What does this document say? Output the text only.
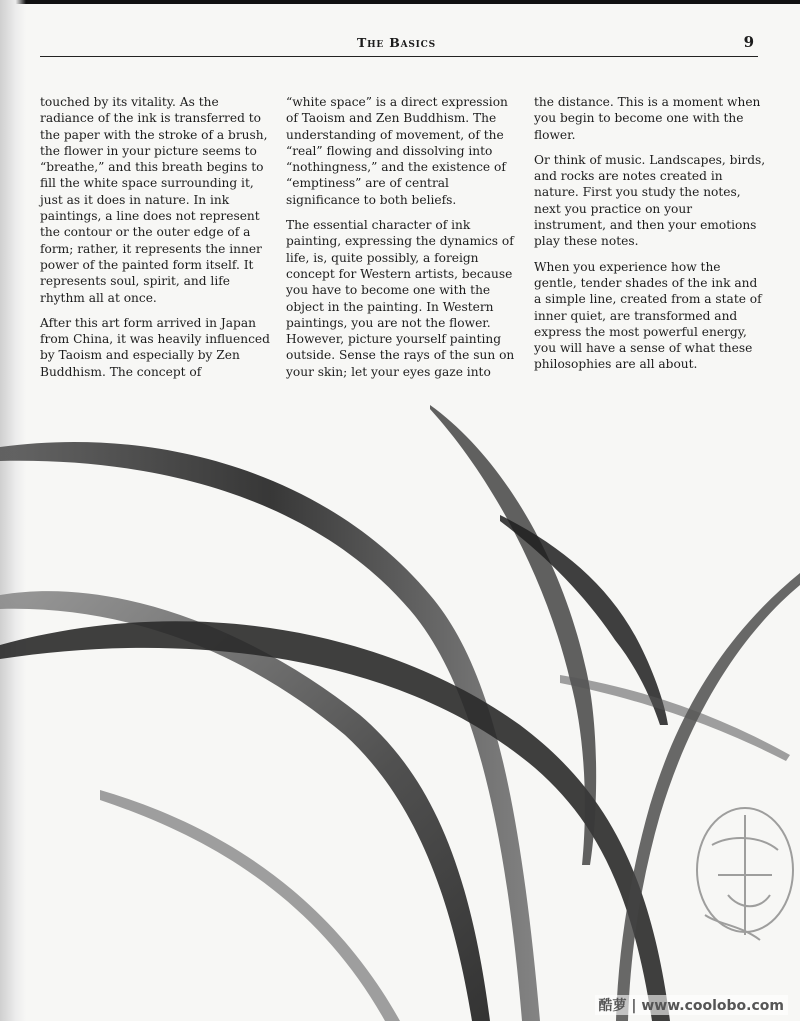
The Basics	9

touched by its vitality. As the radiance of the ink is transferred to the paper with the stroke of a brush, the flower in your picture seems to “breathe,” and this breath begins to fill the white space surrounding it, just as it does in nature. In ink paintings, a line does not represent the contour or the outer edge of a form; rather, it represents the inner power of the painted form itself. It represents soul, spirit, and life rhythm all at once.

After this art form arrived in Japan from China, it was heavily influenced by Taoism and especially by Zen Buddhism. The concept of

“white space” is a direct expression of Taoism and Zen Buddhism. The understanding of movement, of the “real” flowing and dissolving into “nothingness,” and the existence of “emptiness” are of central significance to both beliefs.

The essential character of ink painting, expressing the dynamics of life, is, quite possibly, a foreign concept for Western artists, because you have to become one with the object in the painting. In Western paintings, you are not the flower. However, picture yourself painting outside. Sense the rays of the sun on your skin; let your eyes gaze into

the distance. This is a moment when you begin to become one with the flower.

Or think of music. Landscapes, birds, and rocks are notes created in nature. First you study the notes, next you practice on your instrument, and then your emotions play these notes.

When you experience how the gentle, tender shades of the ink and a simple line, created from a state of inner quiet, are transformed and express the most powerful energy, you will have a sense of what these philosophies are all about.

酷萝 | www.coolobo.com
